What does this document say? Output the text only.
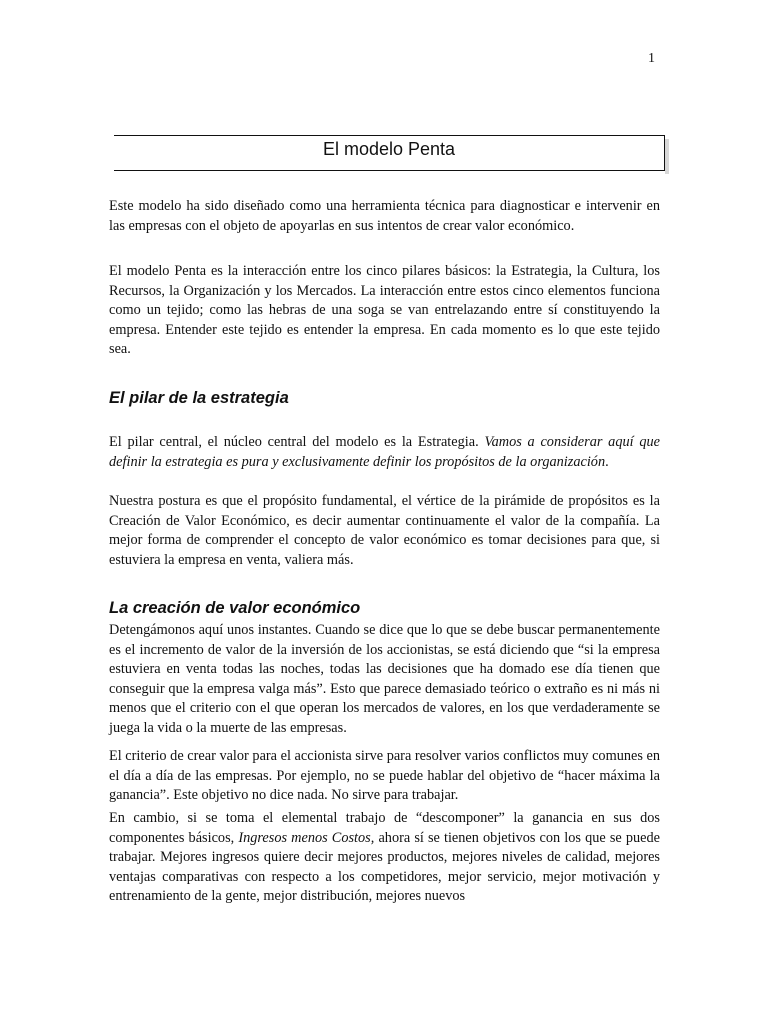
1
El modelo Penta

Este modelo ha sido diseñado como una herramienta técnica para diagnosticar e intervenir en las empresas con el objeto de apoyarlas en sus intentos de crear valor económico.

El modelo Penta es la interacción entre los cinco pilares básicos: la Estrategia, la Cultura, los Recursos, la Organización y los Mercados. La interacción entre estos cinco elementos funciona como un tejido; como las hebras de una soga se van entrelazando entre sí constituyendo la empresa. Entender este tejido es entender la empresa. En cada momento es lo que este tejido sea.

El pilar de la estrategia

El pilar central, el núcleo central del modelo es la Estrategia. Vamos a considerar aquí que definir la estrategia es pura y exclusivamente definir los propósitos de la organización.

Nuestra postura es que el propósito fundamental, el vértice de la pirámide de propósitos es la Creación de Valor Económico, es decir aumentar continuamente el valor de la compañía. La mejor forma de comprender el concepto de valor económico es tomar decisiones para que, si estuviera la empresa en venta, valiera más.

La creación de valor económico

Detengámonos aquí unos instantes. Cuando se dice que lo que se debe buscar permanentemente es el incremento de valor de la inversión de los accionistas, se está diciendo que “si la empresa estuviera en venta todas las noches, todas las decisiones que ha domado ese día tienen que conseguir que la empresa valga más”. Esto que parece demasiado teórico o extraño es ni más ni menos que el criterio con el que operan los mercados de valores, en los que verdaderamente se juega la vida o la muerte de las empresas.

El criterio de crear valor para el accionista sirve para resolver varios conflictos muy comunes en el día a día de las empresas. Por ejemplo, no se puede hablar del objetivo de “hacer máxima la ganancia”. Este objetivo no dice nada. No sirve para trabajar.

En cambio, si se toma el elemental trabajo de “descomponer” la ganancia en sus dos componentes básicos, Ingresos menos Costos, ahora sí se tienen objetivos con los que se puede trabajar. Mejores ingresos quiere decir mejores productos, mejores niveles de calidad, mejores ventajas comparativas con respecto a los competidores, mejor servicio, mejor motivación y entrenamiento de la gente, mejor distribución, mejores nuevos
